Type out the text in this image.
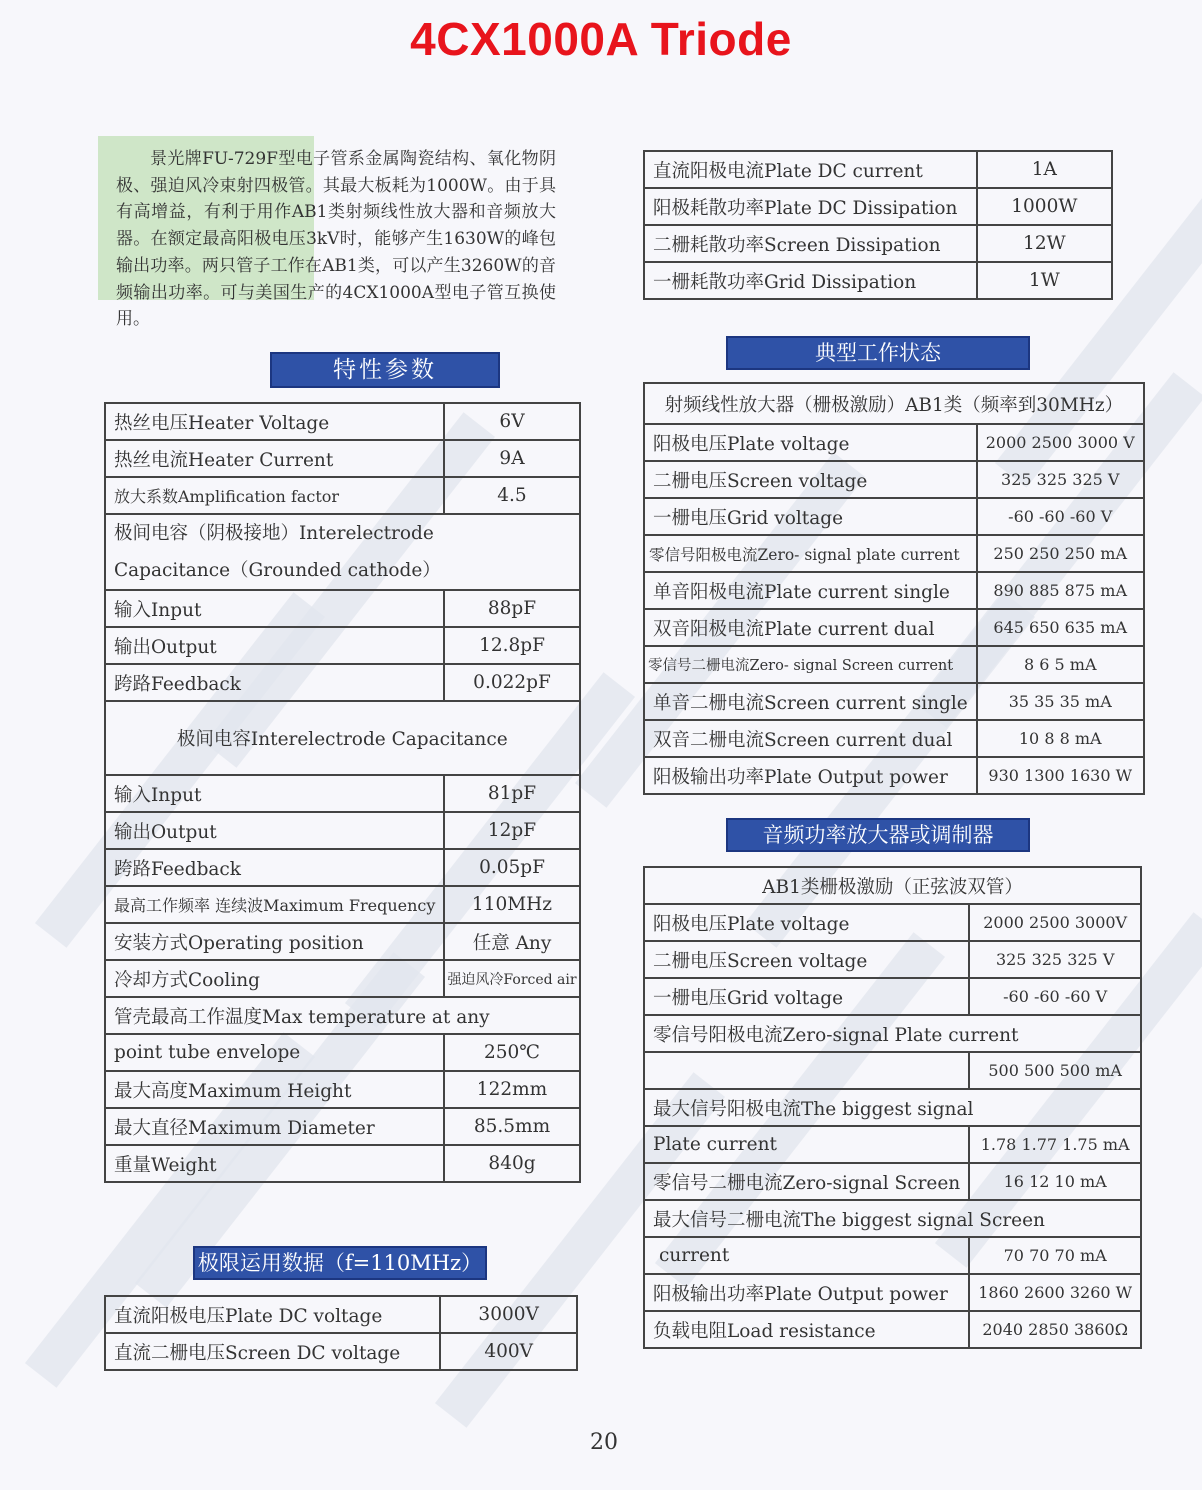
4CX1000A Triode
景光牌FU-729F型电子管系金属陶瓷结构、氧化物阴极、强迫风冷束射四极管。其最大板耗为1000W。由于具有高增益，有利于用作AB1类射频线性放大器和音频放大器。在额定最高阳极电压3kV时，能够产生1630W的峰包输出功率。两只管子工作在AB1类，可以产生3260W的音频输出功率。可与美国生产的4CX1000A型电子管互换使用。
特性参数
热丝电压Heater Voltage	6V
热丝电流Heater Current	9A
放大系数Amplification factor	4.5
极间电容（阴极接地）Interelectrode Capacitance（Grounded cathode）	
输入Input	88pF
输出Output	12.8pF
跨路Feedback	0.022pF
极间电容Interelectrode Capacitance	
输入Input	81pF
输出Output	12pF
跨路Feedback	0.05pF
最高工作频率 连续波Maximum Frequency	110MHz
安装方式Operating position	任意 Any
冷却方式Cooling	强迫风冷Forced air
管壳最高工作温度Max temperature at any	
point tube envelope	250℃
最大高度Maximum Height	122mm
最大直径Maximum Diameter	85.5mm
重量Weight	840g
极限运用数据（f=110MHz）
直流阳极电压Plate DC voltage	3000V
直流二栅电压Screen DC voltage	400V
直流阳极电流Plate DC current	1A
阳极耗散功率Plate DC Dissipation	1000W
二栅耗散功率Screen Dissipation	12W
一栅耗散功率Grid Dissipation	1W
典型工作状态
射频线性放大器（栅极激励）AB1类（频率到30MHz）	
阳极电压Plate voltage	2000 2500 3000 V
二栅电压Screen voltage	325 325 325 V
一栅电压Grid voltage	-60 -60 -60 V
零信号阳极电流Zero- signal plate current	250 250 250 mA
单音阳极电流Plate current single	890 885 875 mA
双音阳极电流Plate current dual	645 650 635 mA
零信号二栅电流Zero- signal Screen current	8 6 5 mA
单音二栅电流Screen current single	35 35 35 mA
双音二栅电流Screen current dual	10 8 8 mA
阳极输出功率Plate Output power	930 1300 1630 W
音频功率放大器或调制器
AB1类栅极激励（正弦波双管）	
阳极电压Plate voltage	2000 2500 3000V
二栅电压Screen voltage	325 325 325 V
一栅电压Grid voltage	-60 -60 -60 V
零信号阳极电流Zero-signal Plate current	
	500 500 500 mA
最大信号阳极电流The biggest signal	
Plate current	1.78 1.77 1.75 mA
零信号二栅电流Zero-signal Screen	16 12 10 mA
最大信号二栅电流The biggest signal Screen	
current	70 70 70 mA
阳极输出功率Plate Output power	1860 2600 3260 W
负载电阻Load resistance	2040 2850 3860Ω
20
